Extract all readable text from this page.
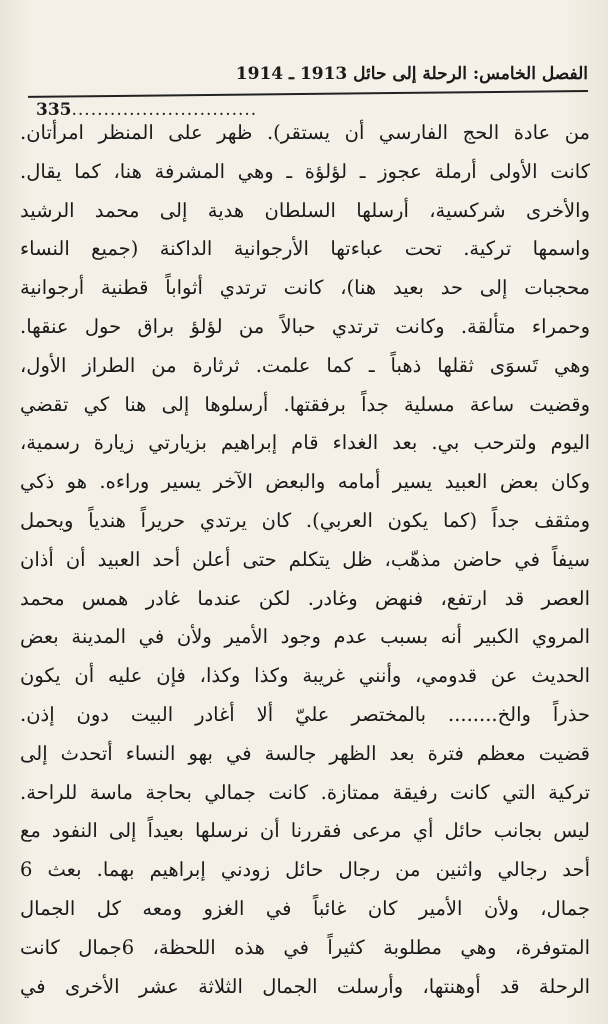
الفصل الخامس: الرحلة إلى حائل 1913 ـ 1914
335.............................
من عادة الحج الفارسي أن يستقر). ظهر على المنظر امرأتان.
كانت الأولى أرملة عجوز ـ لؤلؤة ـ وهي المشرفة هنا، كما يقال.
والأخرى شركسية، أرسلها السلطان هدية إلى محمد الرشيد
واسمها تركية. تحت عباءتها الأرجوانية الداكنة (جميع النساء
محجبات إلى حد بعيد هنا)، كانت ترتدي أثواباً قطنية أرجوانية
وحمراء متألقة. وكانت ترتدي حبالاً من لؤلؤ براق حول عنقها.
وهي تَسوَى ثقلها ذهباً ـ كما علمت. ثرثارة من الطراز الأول،
وقضيت ساعة مسلية جداً برفقتها. أرسلوها إلى هنا كي تقضي
اليوم ولترحب بي. بعد الغداء قام إبراهيم بزيارتي زيارة رسمية،
وكان بعض العبيد يسير أمامه والبعض الآخر يسير وراءه. هو ذكي
ومثقف جداً (كما يكون العربي). كان يرتدي حريراً هندياً ويحمل
سيفاً في حاضن مذهّب، ظل يتكلم حتى أعلن أحد العبيد أن أذان
العصر قد ارتفع، فنهض وغادر. لكن عندما غادر همس محمد
المروي الكبير أنه بسبب عدم وجود الأمير ولأن في المدينة بعض
الحديث عن قدومي، وأنني غريبة وكذا وكذا، فإن عليه أن يكون
حذراً والخ........ بالمختصر عليّ ألا أغادر البيت دون إذن.
قضيت معظم فترة بعد الظهر جالسة في بهو النساء أتحدث إلى
تركية التي كانت رفيقة ممتازة. كانت جمالي بحاجة ماسة للراحة.
ليس بجانب حائل أي مرعى فقررنا أن نرسلها بعيداً إلى النفود مع
أحد رجالي واثنين من رجال حائل زودني إبراهيم بهما. بعث 6
جمال، ولأن الأمير كان غائباً في الغزو ومعه كل الجمال
المتوفرة، وهي مطلوبة كثيراً في هذه اللحظة، 6جمال كانت
الرحلة قد أوهنتها، وأرسلت الجمال الثلاثة عشر الأخرى في
